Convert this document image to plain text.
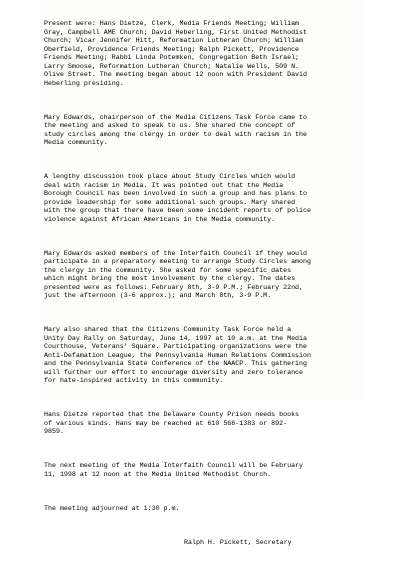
Present were: Hans Dietze, Clerk, Media Friends Meeting; William
Gray, Campbell AME Church; David Heberling, First United Methodist
Church; Vicar Jennifer Hitt, Reformation Lutheran Church; William
Oberfield, Providence Friends Meeting; Ralph Pickett, Providence
Friends Meeting; Rabbi Linda Potemken, Congregation Beth Israel;
Larry Smoose, Reformation Lutheran Church; Natalie Wells, 509 N.
Olive Street. The meeting began about 12 noon with President David
Heberling presiding.

Mary Edwards, chairperson of the Media Citizens Task Force came to
the meeting and asked to speak to us. She shared the concept of
study circles among the clergy in order to deal with racism in the
Media community.

A lengthy discussion took place about Study Circles which would
deal with racism in Media. It was pointed out that the Media
Borough Council has been involved in such a group and has plans to
provide leadership for some additional such groups. Mary shared
with the group that there have been some incident reports of police
violence against African Americans in the Media community.

Mary Edwards asked members of the Interfaith Council if they would
participate in a preparatory meeting to arrange Study Circles among
the clergy in the community. She asked for some specific dates
which might bring the most involvement by the clergy. The dates
presented were as follows: February 8th, 3-9 P.M.; February 22nd,
just the afternoon (3-6 approx.); and March 8th, 3-9 P.M.

Mary also shared that the Citizens Community Task Force held a
Unity Day Rally on Saturday, June 14, 1997 at 10 a.m. at the Media
Courthouse, Veterans' Square. Participating organizations were the
Anti-Defamation League, the Pennsylvania Human Relations Commission
and the Pennsylvania State Conference of the NAACP. This gathering
will further our effort to encourage diversity and zero tolerance
for hate-inspired activity in this community.

Hans Dietze reported that the Delaware County Prison needs books
of various kinds. Hans may be reached at 610 566-1383 or 892-
9859.

The next meeting of the Media Interfaith Council will be February
11, 1998 at 12 noon at the Media United Methodist Church.

The meeting adjourned at 1:30 p.m.

Ralph H. Pickett, Secretary
